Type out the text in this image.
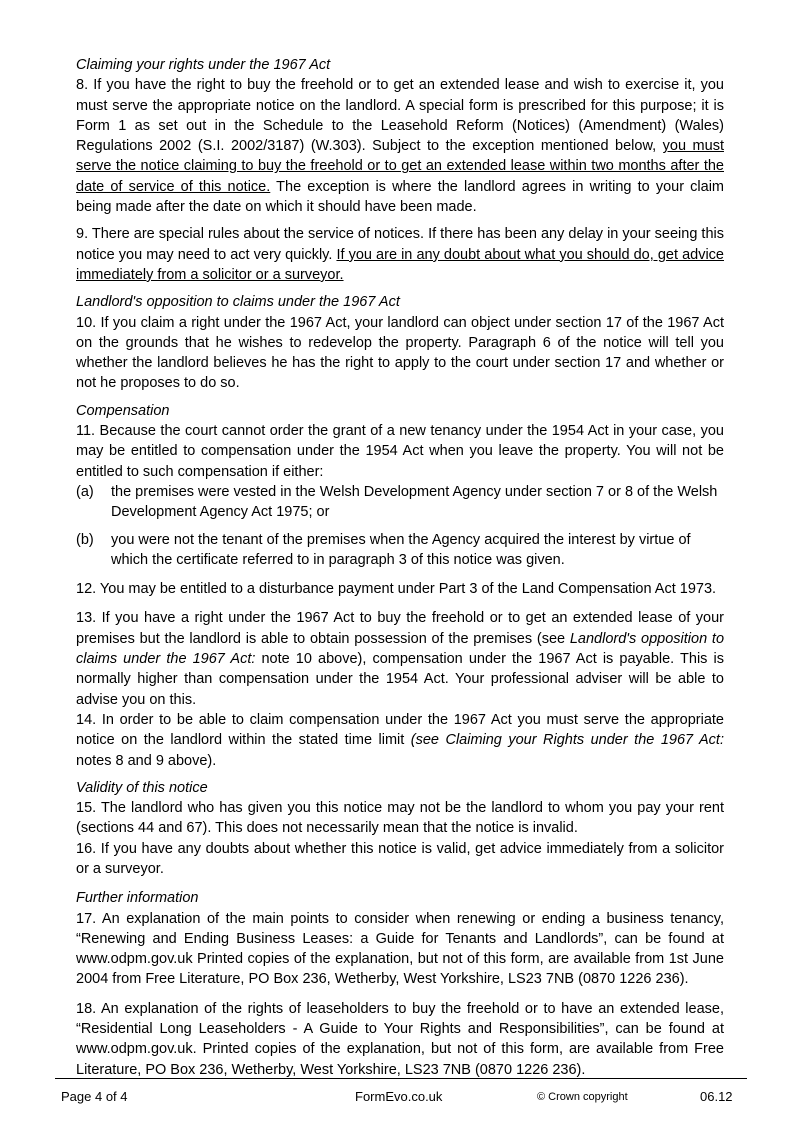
Claiming your rights under the 1967 Act

8. If you have the right to buy the freehold or to get an extended lease and wish to exercise it, you must serve the appropriate notice on the landlord. A special form is prescribed for this purpose; it is Form 1 as set out in the Schedule to the Leasehold Reform (Notices) (Amendment) (Wales) Regulations 2002 (S.I. 2002/3187) (W.303). Subject to the exception mentioned below, you must serve the notice claiming to buy the freehold or to get an extended lease within two months after the date of service of this notice. The exception is where the landlord agrees in writing to your claim being made after the date on which it should have been made.

9. There are special rules about the service of notices. If there has been any delay in your seeing this notice you may need to act very quickly. If you are in any doubt about what you should do, get advice immediately from a solicitor or a surveyor.

Landlord's opposition to claims under the 1967 Act

10. If you claim a right under the 1967 Act, your landlord can object under section 17 of the 1967 Act on the grounds that he wishes to redevelop the property. Paragraph 6 of the notice will tell you whether the landlord believes he has the right to apply to the court under section 17 and whether or not he proposes to do so.

Compensation

11. Because the court cannot order the grant of a new tenancy under the 1954 Act in your case, you may be entitled to compensation under the 1954 Act when you leave the property. You will not be entitled to such compensation if either:

(a)	the premises were vested in the Welsh Development Agency under section 7 or 8 of the Welsh Development Agency Act 1975; or
(b)	you were not the tenant of the premises when the Agency acquired the interest by virtue of which the certificate referred to in paragraph 3 of this notice was given.

12. You may be entitled to a disturbance payment under Part 3 of the Land Compensation Act 1973.

13. If you have a right under the 1967 Act to buy the freehold or to get an extended lease of your premises but the landlord is able to obtain possession of the premises (see Landlord's opposition to claims under the 1967 Act: note 10 above), compensation under the 1967 Act is payable. This is normally higher than compensation under the 1954 Act. Your professional adviser will be able to advise you on this.

14. In order to be able to claim compensation under the 1967 Act you must serve the appropriate notice on the landlord within the stated time limit (see Claiming your Rights under the 1967 Act: notes 8 and 9 above).

Validity of this notice

15. The landlord who has given you this notice may not be the landlord to whom you pay your rent (sections 44 and 67). This does not necessarily mean that the notice is invalid.

16. If you have any doubts about whether this notice is valid, get advice immediately from a solicitor or a surveyor.

Further information

17. An explanation of the main points to consider when renewing or ending a business tenancy, “Renewing and Ending Business Leases: a Guide for Tenants and Landlords”, can be found at www.odpm.gov.uk Printed copies of the explanation, but not of this form, are available from 1st June 2004 from Free Literature, PO Box 236, Wetherby, West Yorkshire, LS23 7NB (0870 1226 236).

18. An explanation of the rights of leaseholders to buy the freehold or to have an extended lease, “Residential Long Leaseholders - A Guide to Your Rights and Responsibilities”, can be found at www.odpm.gov.uk. Printed copies of the explanation, but not of this form, are available from Free Literature, PO Box 236, Wetherby, West Yorkshire, LS23 7NB (0870 1226 236).

Page 4 of 4	FormEvo.co.uk	© Crown copyright	06.12
